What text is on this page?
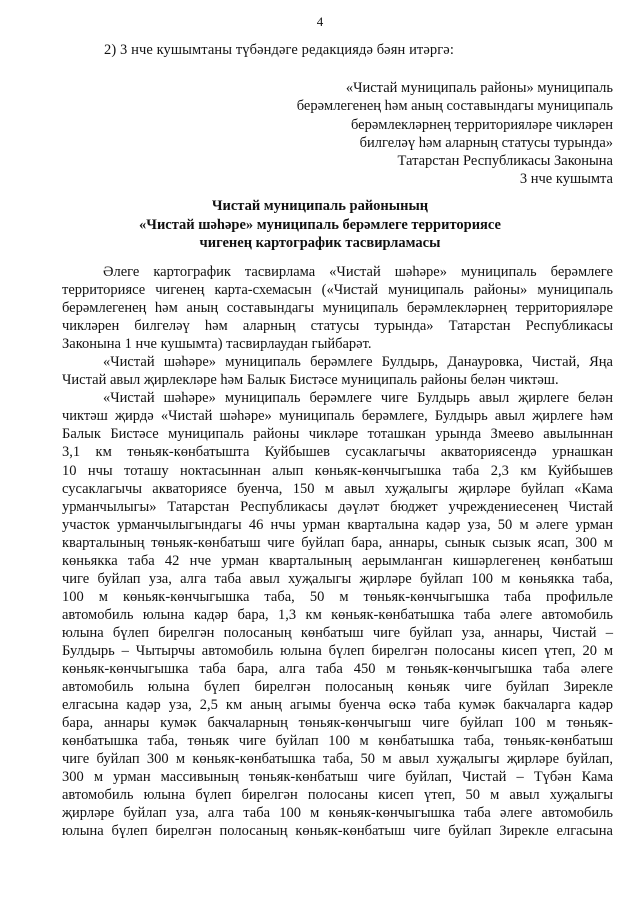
4
2) 3 нче кушымтаны түбәндәге редакциядә бәян итәргә:
«Чистай муниципаль районы» муниципаль
берәмлегенең һәм аның составындагы муниципаль
берәмлекләрнең территорияләре чикләрен
билгеләү һәм аларның статусы турында»
Татарстан Республикасы Законына
3 нче кушымта
Чистай муниципаль районының
«Чистай шәһәре» муниципаль берәмлеге территориясе
чигенең картографик тасвирламасы
Әлеге картографик тасвирлама «Чистай шәһәре» муниципаль берәмлеге
территориясе чигенең карта-схемасын («Чистай муниципаль районы» муниципаль
берәмлегенең һәм аның составындагы муниципаль берәмлекләрнең территорияләре
чикләрен билгеләү һәм аларның статусы турында» Татарстан Республикасы
Законына 1 нче кушымта) тасвирлаудан гыйбарәт.
«Чистай шәһәре» муниципаль берәмлеге Булдырь, Данауровка, Чистай, Яңа
Чистай авыл җирлекләре һәм Балык Бистәсе муниципаль районы белән чиктәш.
«Чистай шәһәре» муниципаль берәмлеге чиге Булдырь авыл җирлеге белән
чиктәш җирдә «Чистай шәһәре» муниципаль берәмлеге, Булдырь авыл җирлеге һәм
Балык Бистәсе муниципаль районы чикләре тоташкан урында Змеево авылыннан
3,1 км төньяк-көнбатышта Куйбышев сусаклагычы акваториясендә урнашкан
10 нчы тоташу ноктасыннан алып көньяк-көнчыгышка таба 2,3 км Куйбышев
сусаклагычы акваториясе буенча, 150 м авыл хуҗалыгы җирләре буйлап «Кама
урманчылыгы» Татарстан Республикасы дәүләт бюджет учреждениесенең Чистай
участок урманчылыгындагы 46 нчы урман кварталына кадәр уза, 50 м әлеге урман
кварталының төньяк-көнбатыш чиге буйлап бара, аннары, сынык сызык ясап, 300 м
көньякка таба 42 нче урман кварталының аерымланган кишәрлегенең көнбатыш
чиге буйлап уза, алга таба авыл хуҗалыгы җирләре буйлап 100 м көньякка таба,
100 м көньяк-көнчыгышка таба, 50 м төньяк-көнчыгышка таба профильле
автомобиль юлына кадәр бара, 1,3 км көньяк-көнбатышка таба әлеге автомобиль
юлына бүлеп бирелгән полосаның көнбатыш чиге буйлап уза, аннары, Чистай –
Булдырь – Чытырчы автомобиль юлына бүлеп бирелгән полосаны кисеп үтеп, 20 м
көньяк-көнчыгышка таба бара, алга таба 450 м төньяк-көнчыгышка таба әлеге
автомобиль юлына бүлеп бирелгән полосаның көньяк чиге буйлап Зирекле
елгасына кадәр уза, 2,5 км аның агымы буенча өскә таба кумәк бакчаларга кадәр
бара, аннары кумәк бакчаларның төньяк-көнчыгыш чиге буйлап 100 м төньяк-
көнбатышка таба, төньяк чиге буйлап 100 м көнбатышка таба, төньяк-көнбатыш
чиге буйлап 300 м көньяк-көнбатышка таба, 50 м авыл хуҗалыгы җирләре буйлап,
300 м урман массивының төньяк-көнбатыш чиге буйлап, Чистай – Түбән Кама
автомобиль юлына бүлеп бирелгән полосаны кисеп үтеп, 50 м авыл хуҗалыгы
җирләре буйлап уза, алга таба 100 м көньяк-көнчыгышка таба әлеге автомобиль
юлына бүлеп бирелгән полосаның көньяк-көнбатыш чиге буйлап Зирекле елгасына
